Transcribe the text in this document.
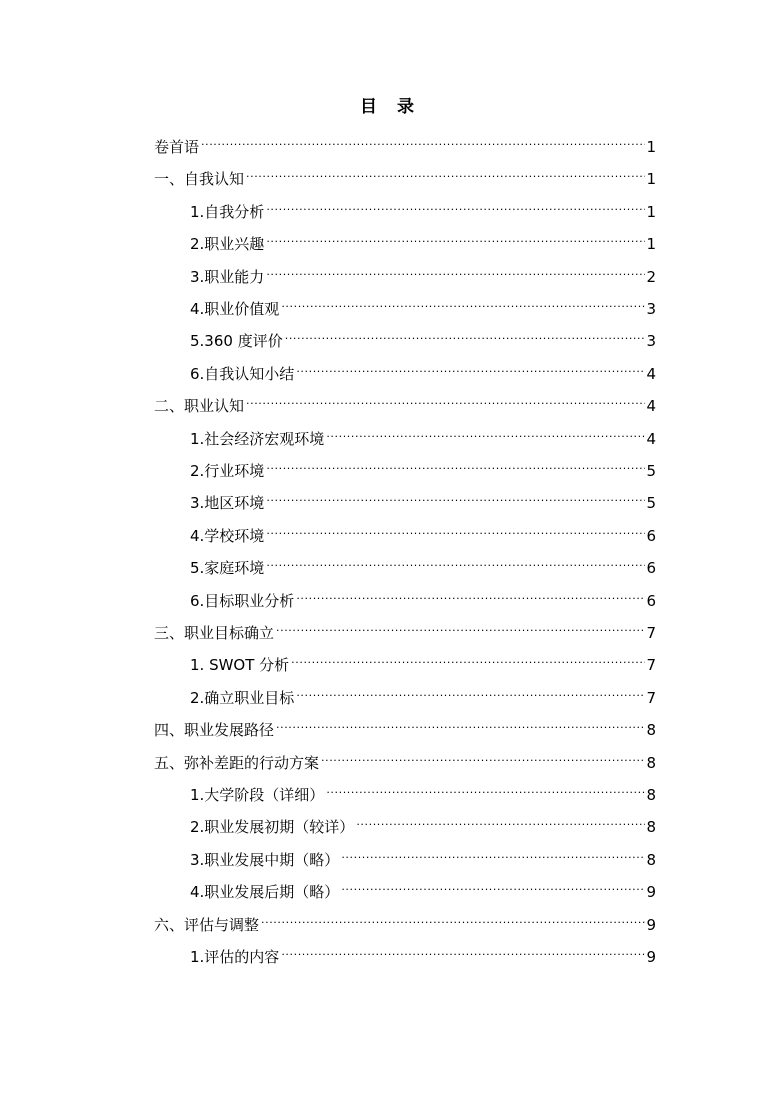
目 录
卷首语 .....	1
一、自我认知 .....	1
1.自我分析 .....	1
2.职业兴趣 .....	1
3.职业能力 .....	2
4.职业价值观 .....	3
5.360 度评价 .....	3
6.自我认知小结 .....	4
二、职业认知 .....	4
1.社会经济宏观环境 .....	4
2.行业环境 .....	5
3.地区环境 .....	5
4.学校环境 .....	6
5.家庭环境 .....	6
6.目标职业分析 .....	6
三、职业目标确立 .....	7
1. SWOT 分析 .....	7
2.确立职业目标 .....	7
四、职业发展路径 .....	8
五、弥补差距的行动方案 .....	8
1.大学阶段（详细） .....	8
2.职业发展初期（较详） .....	8
3.职业发展中期（略） .....	8
4.职业发展后期（略） .....	9
六、评估与调整 .....	9
1.评估的内容 .....	9
